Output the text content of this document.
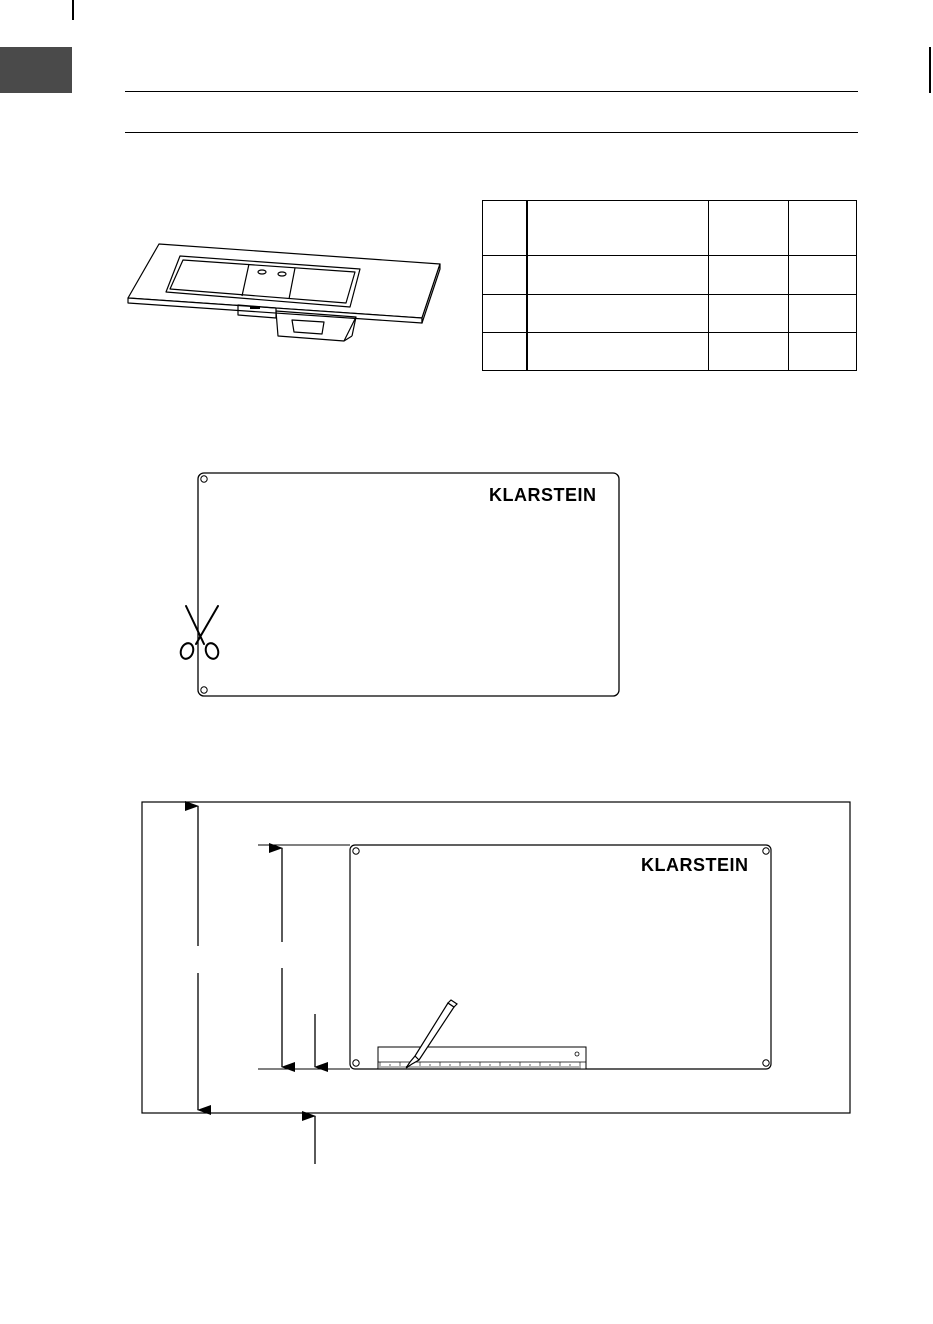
KLARSTEIN
KLARSTEIN
